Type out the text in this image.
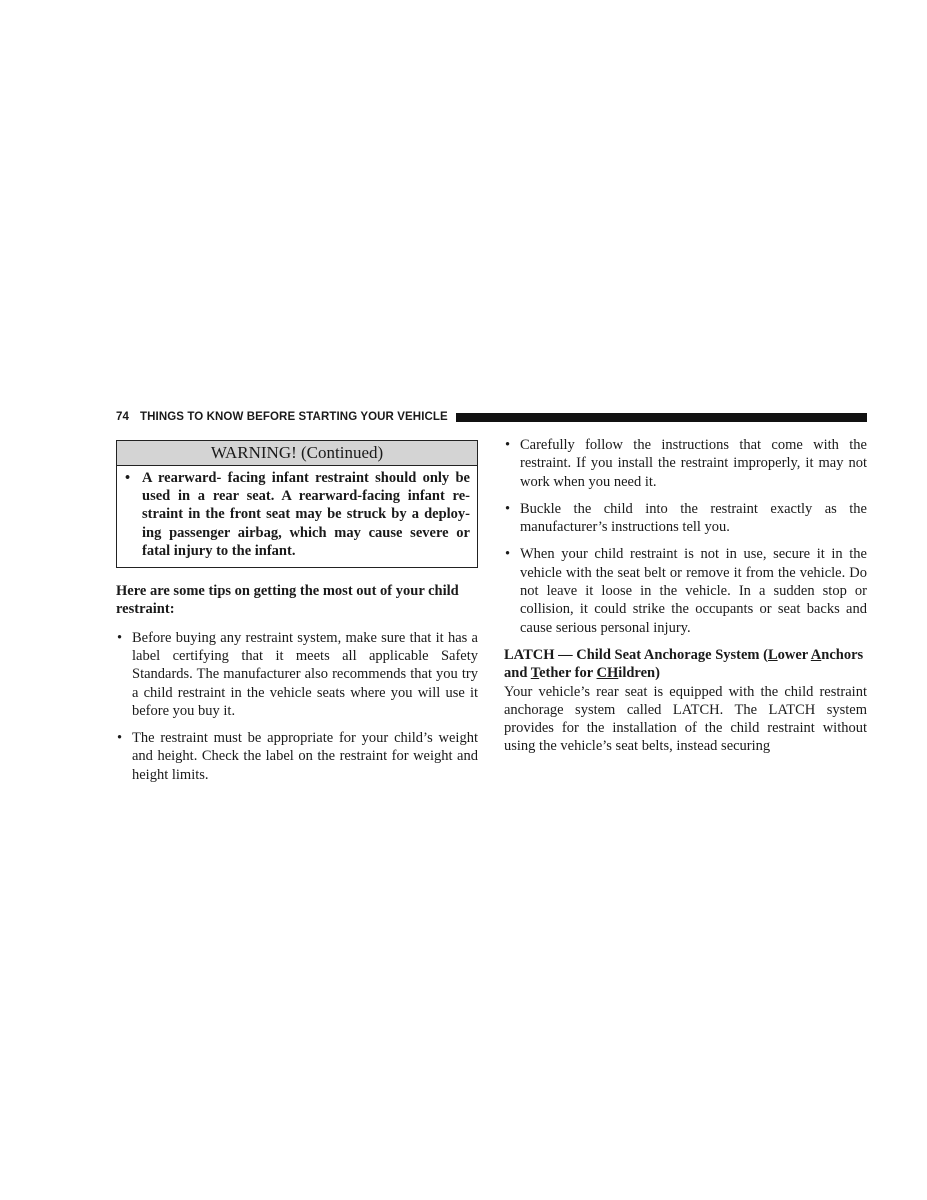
74 THINGS TO KNOW BEFORE STARTING YOUR VEHICLE
WARNING! (Continued)
• A rearward- facing infant restraint should only be used in a rear seat. A rearward-facing infant re-straint in the front seat may be struck by a deploy-ing passenger airbag, which may cause severe or fatal injury to the infant.
Here are some tips on getting the most out of your child restraint:
• Before buying any restraint system, make sure that it has a label certifying that it meets all applicable Safety Standards. The manufacturer also recommends that you try a child restraint in the vehicle seats where you will use it before you buy it.
• The restraint must be appropriate for your child’s weight and height. Check the label on the restraint for weight and height limits.
• Carefully follow the instructions that come with the restraint. If you install the restraint improperly, it may not work when you need it.
• Buckle the child into the restraint exactly as the manufacturer’s instructions tell you.
• When your child restraint is not in use, secure it in the vehicle with the seat belt or remove it from the vehicle. Do not leave it loose in the vehicle. In a sudden stop or collision, it could strike the occupants or seat backs and cause serious personal injury.
LATCH — Child Seat Anchorage System (Lower Anchors and Tether for CHildren)
Your vehicle’s rear seat is equipped with the child restraint anchorage system called LATCH. The LATCH system provides for the installation of the child restraint without using the vehicle’s seat belts, instead securing
